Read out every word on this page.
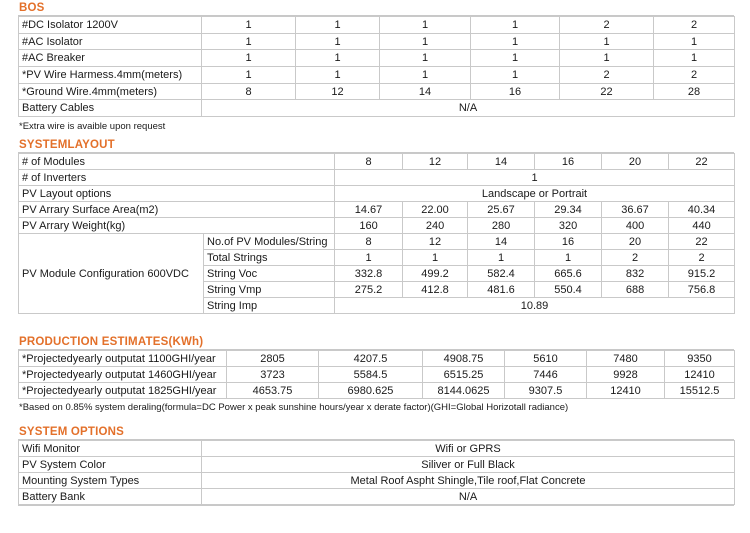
BOS
#DC Isolator 1200V	1	1	1	1	2	2
#AC Isolator	1	1	1	1	1	1
#AC Breaker	1	1	1	1	1	1
*PV Wire Harmess.4mm(meters)	1	1	1	1	2	2
*Ground Wire.4mm(meters)	8	12	14	16	22	28
Battery Cables	N/A					

*Extra wire is avaible upon request

SYSTEMLAYOUT
# of Modules		8	12	14	16	20	22
# of Inverters		1					
PV Layout options		Landscape or Portrait					
PV Arrary Surface Area(m2)		14.67	22.00	25.67	29.34	36.67	40.34
PV Arrary Weight(kg)		160	240	280	320	400	440
PV Module Configuration 600VDC	No.of PV Modules/String	8	12	14	16	20	22
	Total Strings	1	1	1	1	2	2
	String Voc	332.8	499.2	582.4	665.6	832	915.2
	String Vmp	275.2	412.8	481.6	550.4	688	756.8
	String Imp	10.89					
PRODUCTION ESTIMATES(KWh)
*Projectedyearly outputat 1100GHI/year	2805	4207.5	4908.75	5610	7480	9350
*Projectedyearly outputat 1460GHI/year	3723	5584.5	6515.25	7446	9928	12410
*Projectedyearly outputat 1825GHI/year	4653.75	6980.625	8144.0625	9307.5	12410	15512.5

*Based on 0.85% system deraling(formula=DC Power x peak sunshine hours/year x derate factor)(GHI=Global Horizotall radiance)

SYSTEM OPTIONS
Wifi Monitor	Wifi or GPRS
PV System Color	Siliver or Full Black
Mounting System Types	Metal Roof Aspht Shingle,Tile roof,Flat Concrete
Battery Bank	N/A
